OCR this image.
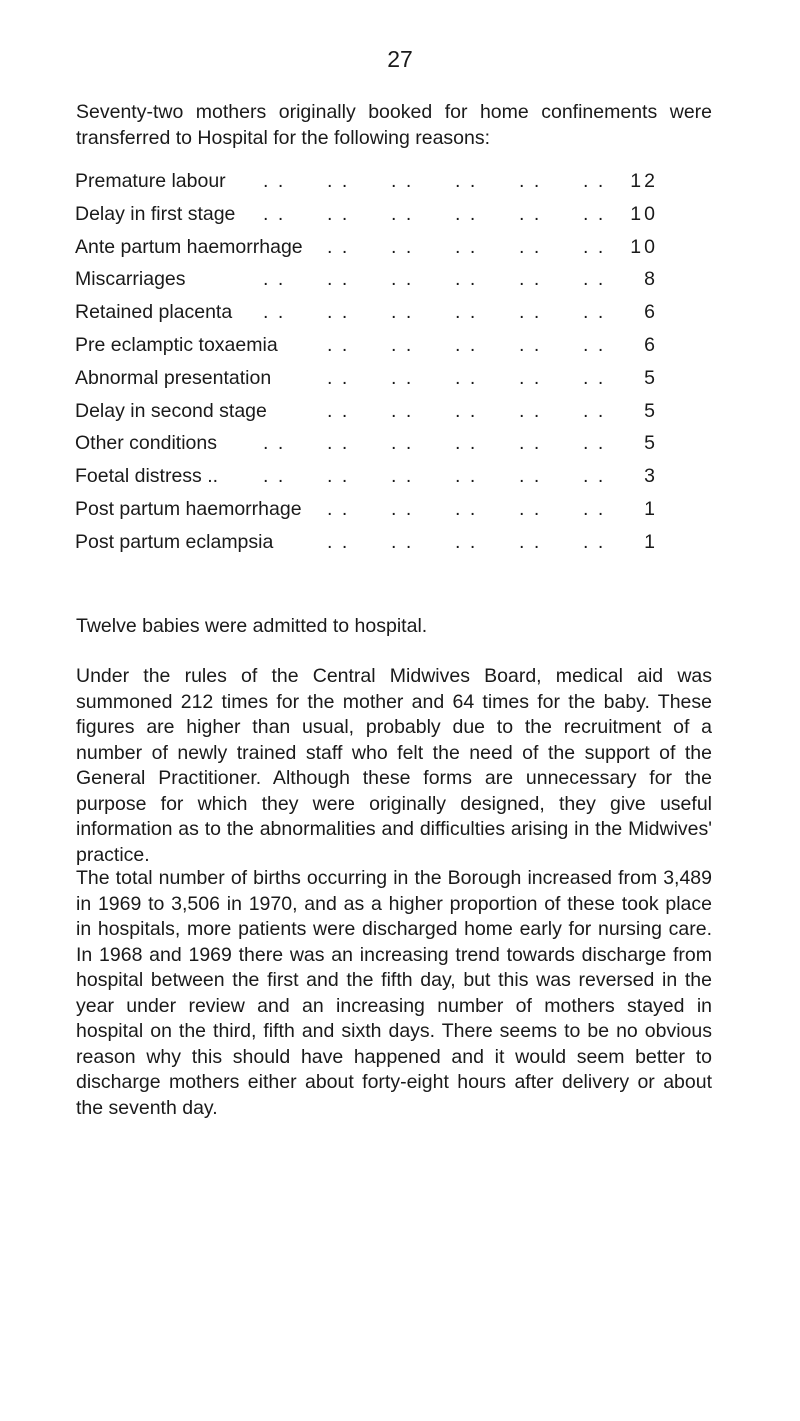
27

Seventy-two mothers originally booked for home confinements were transferred to Hospital for the following reasons:

Premature labour	12
. . . . . . . . . . . .
Delay in first stage	10
. . . . . . . . . . . .
Ante partum haemorrhage	10
. . . . . . . . . .
Miscarriages	8
. . . . . . . . . . . .
Retained placenta	6
. . . . . . . . . . . .
Pre eclamptic toxaemia	6
. . . . . . . . . .
Abnormal presentation	5
. . . . . . . . . .
Delay in second stage	5
. . . . . . . . . .
Other conditions	5
. . . . . . . . . . . .
Foetal distress ..	3
. . . . . . . . . . . .
Post partum haemorrhage	1
. . . . . . . . . .
Post partum eclampsia	1
. . . . . . . . . .

Twelve babies were admitted to hospital.

Under the rules of the Central Midwives Board, medical aid was summoned 212 times for the mother and 64 times for the baby. These figures are higher than usual, probably due to the recruitment of a number of newly trained staff who felt the need of the support of the General Practitioner. Although these forms are unnecessary for the purpose for which they were originally designed, they give useful information as to the abnormalities and difficulties arising in the Midwives' practice.

The total number of births occurring in the Borough increased from 3,489 in 1969 to 3,506 in 1970, and as a higher proportion of these took place in hospitals, more patients were discharged home early for nursing care. In 1968 and 1969 there was an increasing trend towards discharge from hospital between the first and the fifth day, but this was reversed in the year under review and an increasing number of mothers stayed in hospital on the third, fifth and sixth days. There seems to be no obvious reason why this should have happened and it would seem better to discharge mothers either about forty-eight hours after delivery or about the seventh day.
